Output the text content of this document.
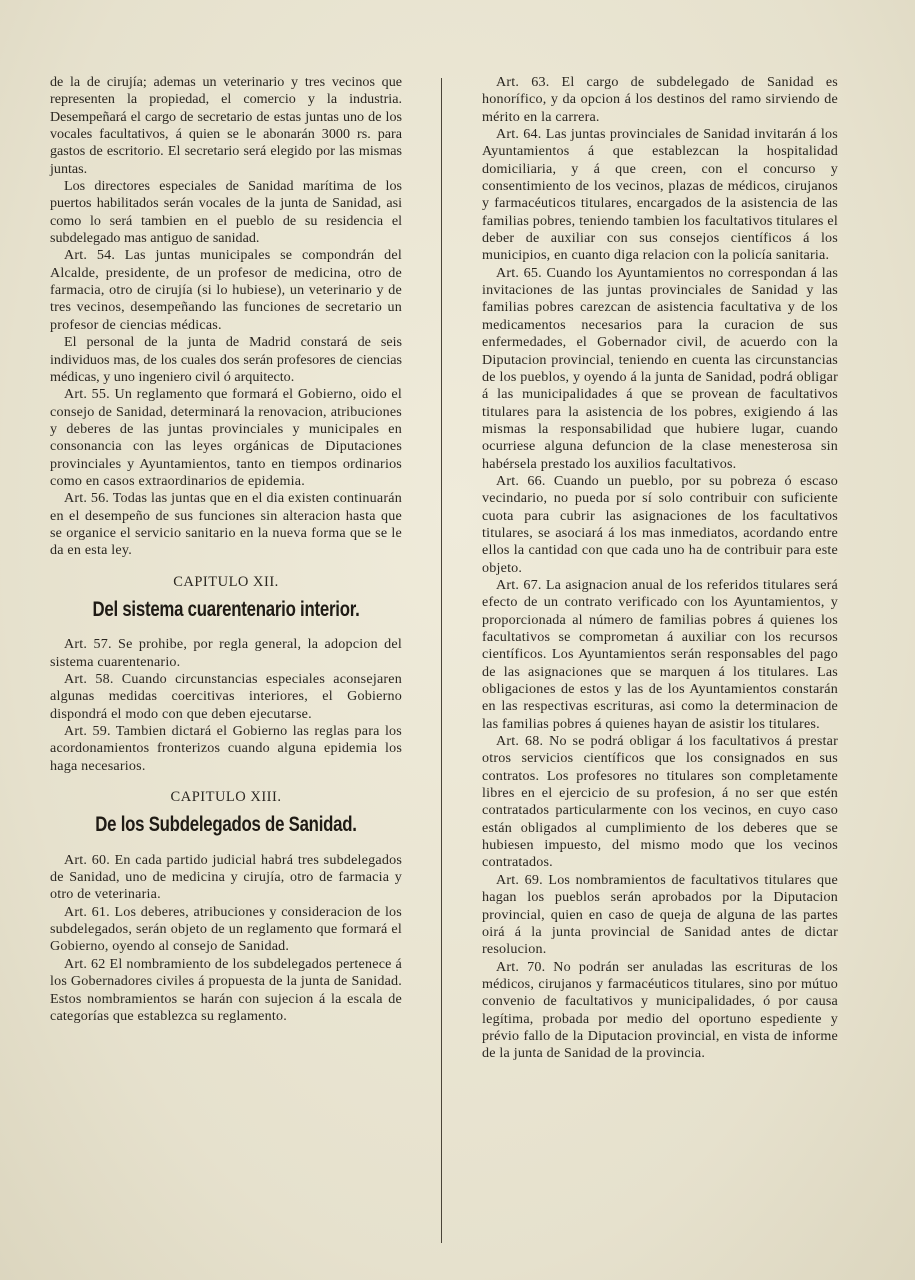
de la de cirujía; ademas un veterinario y tres vecinos que representen la propiedad, el comercio y la industria. Desempeñará el cargo de secretario de estas juntas uno de los vocales facultativos, á quien se le abonarán 3000 rs. para gastos de escritorio. El secretario será elegido por las mismas juntas.

Los directores especiales de Sanidad marítima de los puertos habilitados serán vocales de la junta de Sanidad, asi como lo será tambien en el pueblo de su residencia el subdelegado mas antiguo de sanidad.

Art. 54. Las juntas municipales se compondrán del Alcalde, presidente, de un profesor de medicina, otro de farmacia, otro de cirujía (si lo hubiese), un veterinario y de tres vecinos, desempeñando las funciones de secretario un profesor de ciencias médicas.

El personal de la junta de Madrid constará de seis individuos mas, de los cuales dos serán profesores de ciencias médicas, y uno ingeniero civil ó arquitecto.

Art. 55. Un reglamento que formará el Gobierno, oido el consejo de Sanidad, determinará la renovacion, atribuciones y deberes de las juntas provinciales y municipales en consonancia con las leyes orgánicas de Diputaciones provinciales y Ayuntamientos, tanto en tiempos ordinarios como en casos extraordinarios de epidemia.

Art. 56. Todas las juntas que en el dia existen continuarán en el desempeño de sus funciones sin alteracion hasta que se organice el servicio sanitario en la nueva forma que se le da en esta ley.

CAPITULO XII.

Del sistema cuarentenario interior.

Art. 57. Se prohibe, por regla general, la adopcion del sistema cuarentenario.

Art. 58. Cuando circunstancias especiales aconsejaren algunas medidas coercitivas interiores, el Gobierno dispondrá el modo con que deben ejecutarse.

Art. 59. Tambien dictará el Gobierno las reglas para los acordonamientos fronterizos cuando alguna epidemia los haga necesarios.

CAPITULO XIII.

De los Subdelegados de Sanidad.

Art. 60. En cada partido judicial habrá tres subdelegados de Sanidad, uno de medicina y cirujía, otro de farmacia y otro de veterinaria.

Art. 61. Los deberes, atribuciones y consideracion de los subdelegados, serán objeto de un reglamento que formará el Gobierno, oyendo al consejo de Sanidad.

Art. 62 El nombramiento de los subdelegados pertenece á los Gobernadores civiles á propuesta de la junta de Sanidad. Estos nombramientos se harán con sujecion á la escala de categorías que establezca su reglamento.

Art. 63. El cargo de subdelegado de Sanidad es honorífico, y da opcion á los destinos del ramo sirviendo de mérito en la carrera.

Art. 64. Las juntas provinciales de Sanidad invitarán á los Ayuntamientos á que establezcan la hospitalidad domiciliaria, y á que creen, con el concurso y consentimiento de los vecinos, plazas de médicos, cirujanos y farmacéuticos titulares, encargados de la asistencia de las familias pobres, teniendo tambien los facultativos titulares el deber de auxiliar con sus consejos científicos á los municipios, en cuanto diga relacion con la policía sanitaria.

Art. 65. Cuando los Ayuntamientos no correspondan á las invitaciones de las juntas provinciales de Sanidad y las familias pobres carezcan de asistencia facultativa y de los medicamentos necesarios para la curacion de sus enfermedades, el Gobernador civil, de acuerdo con la Diputacion provincial, teniendo en cuenta las circunstancias de los pueblos, y oyendo á la junta de Sanidad, podrá obligar á las municipalidades á que se provean de facultativos titulares para la asistencia de los pobres, exigiendo á las mismas la responsabilidad que hubiere lugar, cuando ocurriese alguna defuncion de la clase menesterosa sin habérsela prestado los auxilios facultativos.

Art. 66. Cuando un pueblo, por su pobreza ó escaso vecindario, no pueda por sí solo contribuir con suficiente cuota para cubrir las asignaciones de los facultativos titulares, se asociará á los mas inmediatos, acordando entre ellos la cantidad con que cada uno ha de contribuir para este objeto.

Art. 67. La asignacion anual de los referidos titulares será efecto de un contrato verificado con los Ayuntamientos, y proporcionada al número de familias pobres á quienes los facultativos se comprometan á auxiliar con los recursos científicos. Los Ayuntamientos serán responsables del pago de las asignaciones que se marquen á los titulares. Las obligaciones de estos y las de los Ayuntamientos constarán en las respectivas escrituras, asi como la determinacion de las familias pobres á quienes hayan de asistir los titulares.

Art. 68. No se podrá obligar á los facultativos á prestar otros servicios científicos que los consignados en sus contratos. Los profesores no titulares son completamente libres en el ejercicio de su profesion, á no ser que estén contratados particularmente con los vecinos, en cuyo caso están obligados al cumplimiento de los deberes que se hubiesen impuesto, del mismo modo que los vecinos contratados.

Art. 69. Los nombramientos de facultativos titulares que hagan los pueblos serán aprobados por la Diputacion provincial, quien en caso de queja de alguna de las partes oirá á la junta provincial de Sanidad antes de dictar resolucion.

Art. 70. No podrán ser anuladas las escrituras de los médicos, cirujanos y farmacéuticos titulares, sino por mútuo convenio de facultativos y municipalidades, ó por causa legítima, probada por medio del oportuno espediente y prévio fallo de la Diputacion provincial, en vista de informe de la junta de Sanidad de la provincia.
